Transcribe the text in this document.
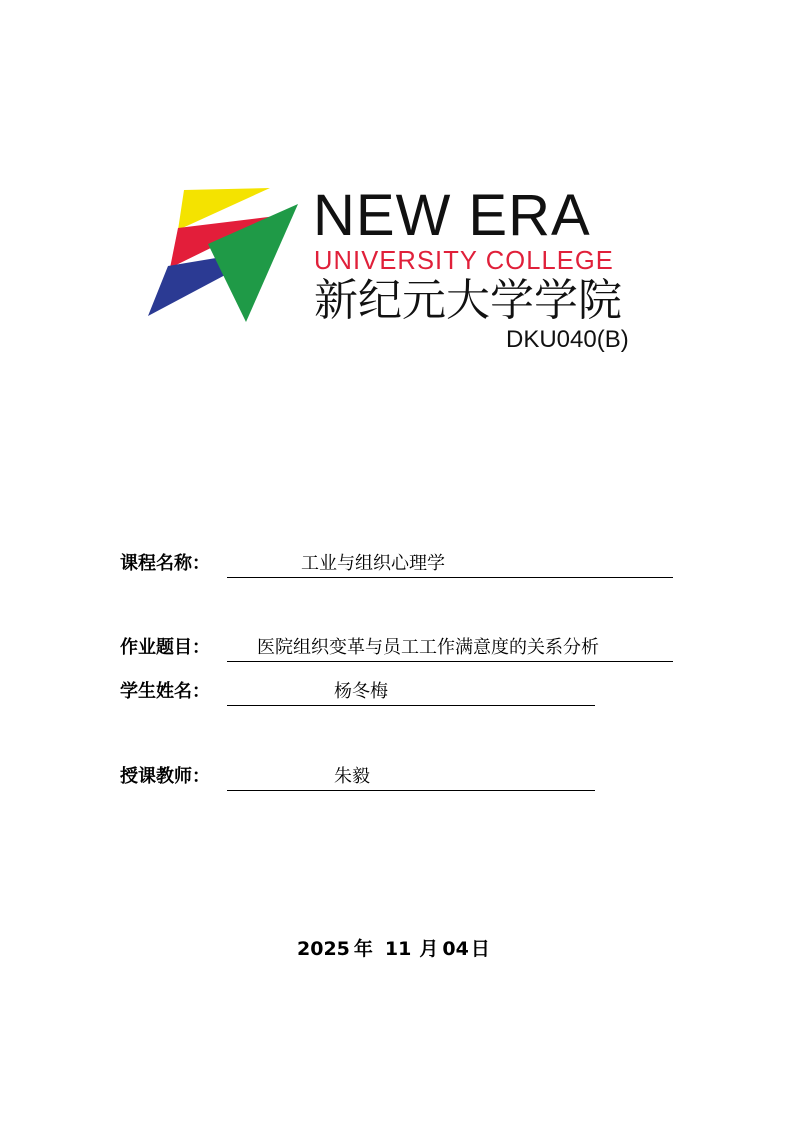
NEW ERA
UNIVERSITY COLLEGE
新纪元大学学院
DKU040(B)
课程名称：	工业与组织心理学
作业题目：	医院组织变革与员工工作满意度的关系分析
学生姓名：	杨冬梅
授课教师：	朱毅
2025 年 11 月 04 日
